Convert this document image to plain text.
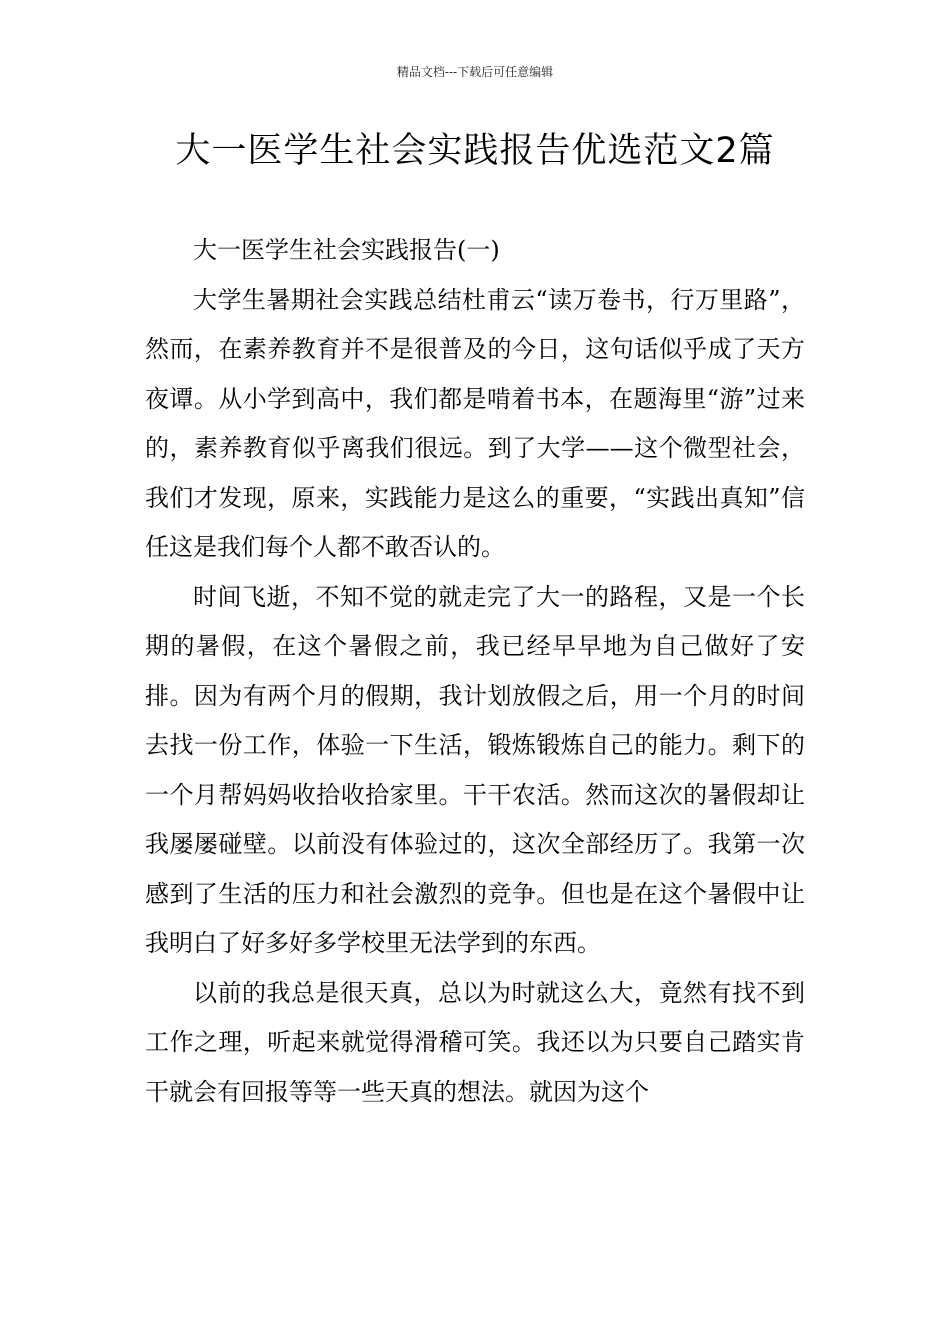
精品文档---下载后可任意编辑
大一医学生社会实践报告优选范文2篇

大一医学生社会实践报告(一)

大学生暑期社会实践总结杜甫云“读万卷书，行万里路”，然而，在素养教育并不是很普及的今日，这句话似乎成了天方夜谭。从小学到高中，我们都是啃着书本，在题海里“游”过来的，素养教育似乎离我们很远。到了大学——这个微型社会，我们才发现，原来，实践能力是这么的重要，“实践出真知”信任这是我们每个人都不敢否认的。

时间飞逝，不知不觉的就走完了大一的路程，又是一个长期的暑假，在这个暑假之前，我已经早早地为自己做好了安排。因为有两个月的假期，我计划放假之后，用一个月的时间去找一份工作，体验一下生活，锻炼锻炼自己的能力。剩下的一个月帮妈妈收拾收拾家里。干干农活。然而这次的暑假却让我屡屡碰壁。以前没有体验过的，这次全部经历了。我第一次感到了生活的压力和社会激烈的竞争。但也是在这个暑假中让我明白了好多好多学校里无法学到的东西。

以前的我总是很天真，总以为时就这么大，竟然有找不到工作之理，听起来就觉得滑稽可笑。我还以为只要自己踏实肯干就会有回报等等一些天真的想法。就因为这个
